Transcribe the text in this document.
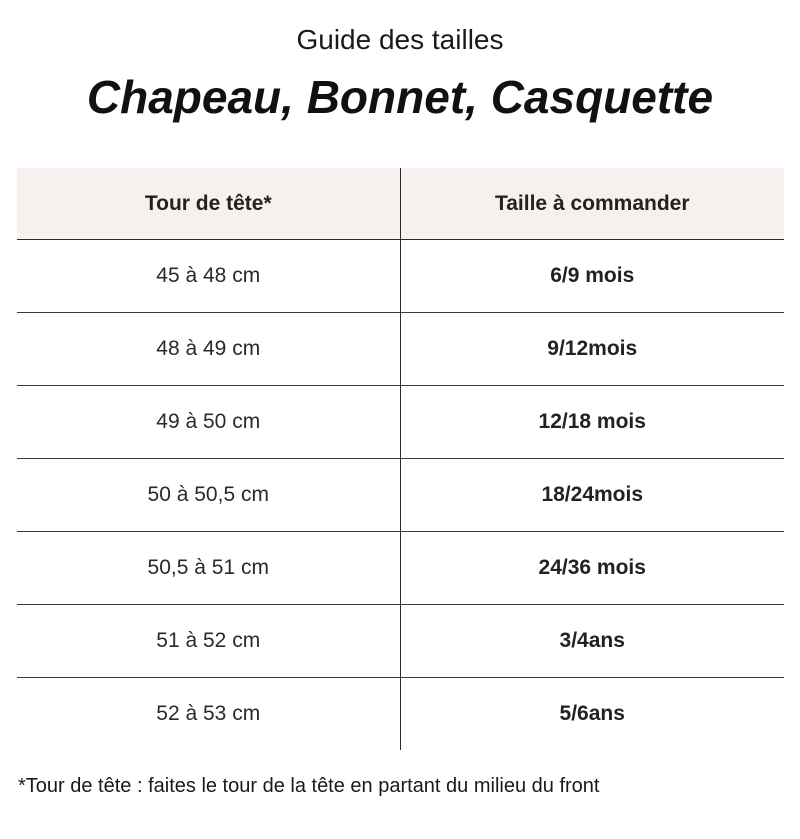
Guide des tailles
Chapeau, Bonnet, Casquette
Tour de tête*	Taille à commander
45 à 48 cm	6/9 mois
48 à 49 cm	9/12mois
49 à 50 cm	12/18 mois
50 à 50,5 cm	18/24mois
50,5 à 51 cm	24/36 mois
51 à 52 cm	3/4ans
52 à 53 cm	5/6ans
*Tour de tête : faites le tour de la tête en partant du milieu du front
